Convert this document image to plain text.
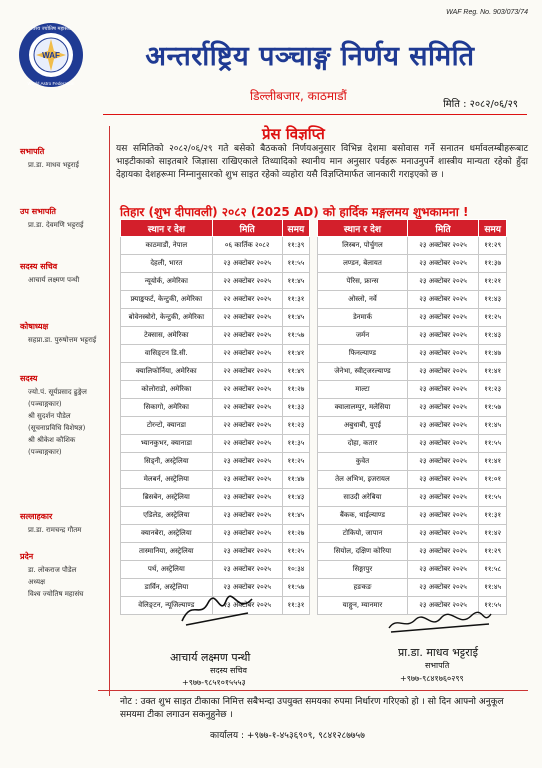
WAF Reg. No. 903/073/74
WAF
विश्व ज्योतिष महासंघ
World Astro Federation
अन्तर्राष्ट्रिय पञ्चाङ्ग निर्णय समिति
डिल्लीबजार, काठमाडौं
मिति : २०८२/०६/२९
सभापति
प्रा.डा. माधव भट्टराई
उप सभापति
प्रा.डा. देवमणि भट्टराई
सदस्य सचिव
आचार्य लक्ष्मण पन्थी
कोषाध्यक्ष
सहप्रा.डा. पुरुषोत्तम भट्टराई
सदस्य
ज्यो.पं. सूर्यप्रसाद ढुङ्गेल
(पञ्चाङ्गकार)
श्री सुदर्शन पौडेल
(सूचनाप्रविधि विशेषज्ञ)
श्री श्रीकेश कौशिक
(पञ्चाङ्गकार)
सल्लाहकार
प्रा.डा. रामचन्द्र गौतम
प्रदेन
डा. लोकराज पौडेल
अध्यक्ष
विश्व ज्योतिष महासंघ
प्रेस विज्ञप्ति
यस समितिको २०८२/०६/२९ गते बसेको बैठकको निर्णयअनुसार विभिन्न देशमा बसोवास गर्ने सनातन धर्मावलम्बीहरूबाट भाइटीकाको साइतबारे जिज्ञासा राखिएकाले तिथ्यादिको स्थानीय मान अनुसार पर्वहरू मनाउनुपर्ने शास्त्रीय मान्यता रहेको हुँदा देहायका देशहरूमा निम्नानुसारको शुभ साइत रहेको व्यहोरा यसै विज्ञप्तिमार्फत जानकारी गराइएको छ ।
तिहार (शुभ दीपावली) २०८२ (2025 AD) को हार्दिक मङ्गलमय शुभकामना !
स्थान र देश	मिति	समय
काठमाडौं, नेपाल	०६ कार्तिक २०८२	११:३९
देहली, भारत	२३ अक्टोबर २०२५	११:५५
न्यूयोर्क, अमेरिका	२२ अक्टोबर २०२५	११:४५
फ्र्याङ्कफर्ट, केन्टुकी, अमेरिका	२२ अक्टोबर २०२५	११:३१
बोवेनस्बोरो, केन्टुकी, अमेरिका	२२ अक्टोबर २०२५	११:४५
टेक्सास, अमेरिका	२२ अक्टोबर २०२५	११:५७
वासिङ्टन डि.सी.	२२ अक्टोबर २०२५	११:४१
क्यालिफोर्निया, अमेरिका	२२ अक्टोबर २०२५	११:४९
कोलोराडो, अमेरिका	२२ अक्टोबर २०२५	११:२७
सिकागो, अमेरिका	२२ अक्टोबर २०२५	११:३३
टोरन्टो, क्यानडा	२२ अक्टोबर २०२५	११:२३
भ्यानकुभर, क्यानाडा	२२ अक्टोबर २०२५	११:३५
सिड्नी, अस्ट्रेलिया	२३ अक्टोबर २०२५	११:२५
मेलबर्न, अस्ट्रेलिया	२३ अक्टोबर २०२५	११:४७
ब्रिसबेन, अस्ट्रेलिया	२३ अक्टोबर २०२५	११:४३
एडिलेड, अस्ट्रेलिया	२३ अक्टोबर २०२५	११:४५
क्यानबेरा, अस्ट्रेलिया	२३ अक्टोबर २०२५	११:२७
तास्मानिया, अस्ट्रेलिया	२३ अक्टोबर २०२५	११:२५
पर्थ, अस्ट्रेलिया	२३ अक्टोबर २०२५	१०:३४
डार्विन, अस्ट्रेलिया	२३ अक्टोबर २०२५	११:५७
वेलिङ्टन, न्यूजिल्याण्ड	२३ अक्टोबर २०२५	११:३१
स्थान र देश	मिति	समय
लिस्बन, पोर्चुगल	२३ अक्टोबर २०२५	११:२९
लण्डन, बेलायत	२३ अक्टोबर २०२५	११:३७
पेरिस, फ्रान्स	२३ अक्टोबर २०२५	११:२१
ओस्लो, नर्वे	२३ अक्टोबर २०२५	११:४३
डेनमार्क	२३ अक्टोबर २०२५	११:२५
जर्मन	२३ अक्टोबर २०२५	११:४३
फिनल्याण्ड	२३ अक्टोबर २०२५	११:४७
जेनेभा, स्वीट्जरल्याण्ड	२३ अक्टोबर २०२५	११:४१
माल्टा	२३ अक्टोबर २०२५	११:२३
क्वालालम्पुर, मलेसिया	२३ अक्टोबर २०२५	११:५७
अबुधाबी, युएई	२३ अक्टोबर २०२५	११:४५
दोहा, कतार	२३ अक्टोबर २०२५	११:५५
कुवेत	२३ अक्टोबर २०२५	११:४१
तेल अभिभ, इजरायल	२३ अक्टोबर २०२५	११:०१
साउदी अरेबिया	२३ अक्टोबर २०२५	११:५५
बैंकक, थाईल्याण्ड	२३ अक्टोबर २०२५	११:३१
टोकियो, जापान	२३ अक्टोबर २०२५	११:४२
सियोल, दक्षिण कोरिया	२३ अक्टोबर २०२५	११:२९
सिङ्गापुर	२३ अक्टोबर २०२५	११:५८
हङकङ	२३ अक्टोबर २०२५	११:४५
याङ्गुन, म्यानमार	२३ अक्टोबर २०२५	११:५५
आचार्य लक्ष्मण पन्थी
सदस्य सचिव
+९७७-९८५१०१५५५३
प्रा.डा. माधव भट्टराई
सभापति
+९७७-९८४१७६०२९९
नोट : उक्त शुभ साइत टीकाका निमित्त सबैभन्दा उपयुक्त समयका रुपमा निर्धारण गरिएको हो । सो दिन आफ्नो अनुकूल समयमा टीका लगाउन सकनुहुनेछ ।
कार्यालय : +९७७-१-४५३६९०९, ९८४१२८७७५७
